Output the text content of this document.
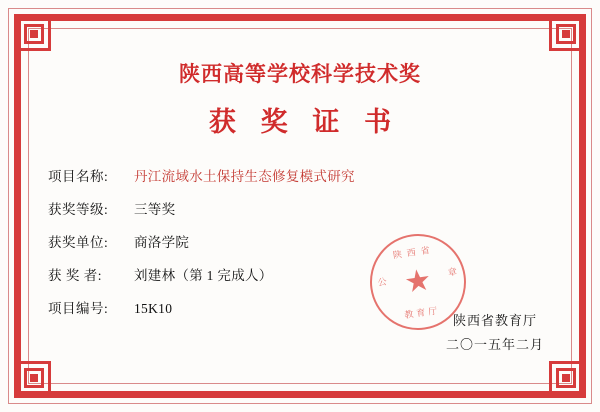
陕西高等学校科学技术奖
获 奖 证 书
项目名称:	丹江流域水土保持生态修复模式研究
获奖等级:	三等奖
获奖单位:	商洛学院
获 奖 者:	刘建林（第 1 完成人）
项目编号:	15K10
陕西省
公
章
★
教育厅 陕西省教育厅
二〇一五年二月
